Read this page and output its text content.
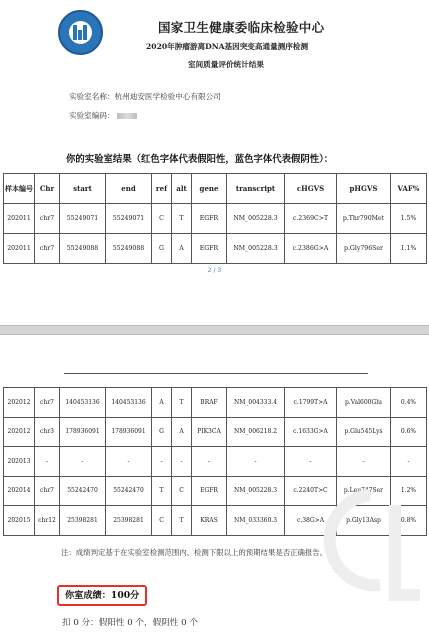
国家卫生健康委临床检验中心
2020年肿瘤游离DNA基因突变高通量测序检测
室间质量评价统计结果
实验室名称：杭州迪安医学检验中心有限公司
实验室编码：
你的实验室结果（红色字体代表假阳性，蓝色字体代表假阴性）：
样本编号	Chr	start	end	ref	alt	gene	transcript	cHGVS	pHGVS	VAF%
202011	chr7	55249071	55249071	C	T	EGFR	NM_005228.3	c.2369C>T	p.Thr790Met	1.5%
202011	chr7	55249088	55249088	G	A	EGFR	NM_005228.3	c.2386G>A	p.Gly796Ser	1.1%
2 / 3
202012	chr7	140453136	140453136	A	T	BRAF	NM_004333.4	c.1799T>A	p.Val600Glu	0.4%
202012	chr3	178936091	178936091	G	A	PIK3CA	NM_006218.2	c.1633G>A	p.Glu545Lys	0.6%
202013	-	-	-	-	-	-	-	-	-	-
202014	chr7	55242470	55242470	T	C	EGFR	NM_005228.3	c.2240T>C	p.Leu747Ser	1.2%
202015	chr12	25398281	25398281	C	T	KRAS	NM_033360.3	c.38G>A	p.Gly13Asp	0.8%
注：成绩判定基于在实验室检测范围内、检测下限以上的预期结果是否正确报告。
你室成绩：100分
扣 0 分：假阳性 0 个，假阴性 0 个
